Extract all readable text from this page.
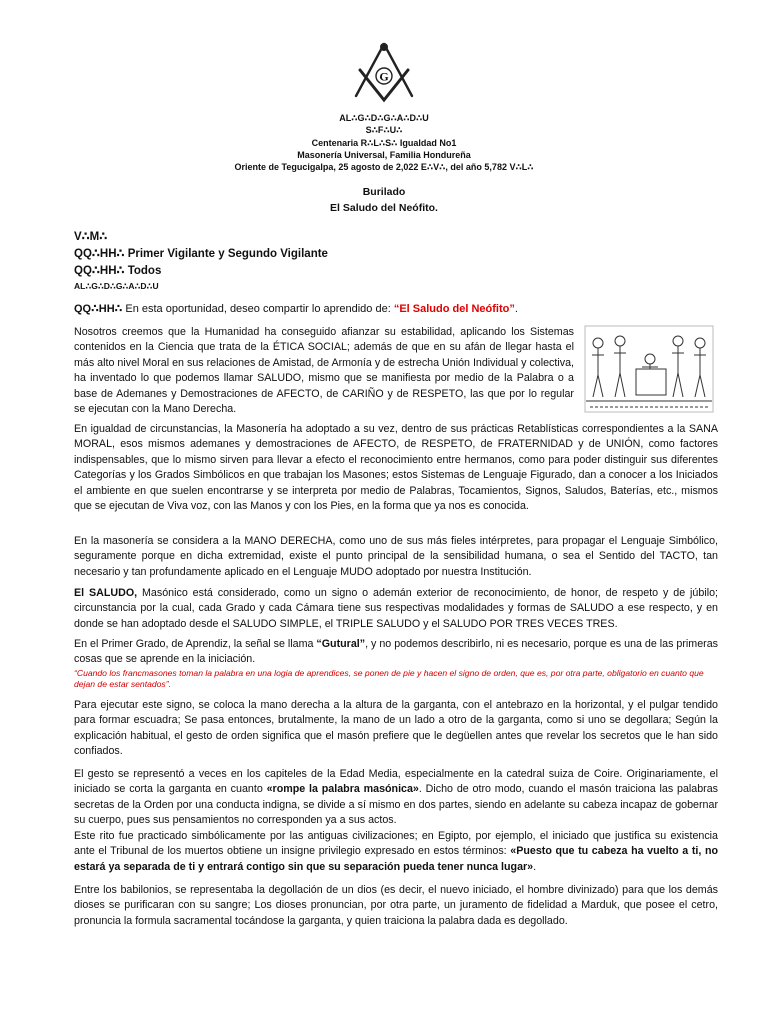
G
AL∴G∴D∴G∴A∴D∴U
S∴F∴U∴
Centenaria R∴L∴S∴ Igualdad No1
Masonería Universal, Familia Hondureña
Oriente de Tegucigalpa, 25 agosto de 2,022 E∴V∴, del año 5,782 V∴L∴
Burilado
El Saludo del Neófito.
V∴M∴
QQ∴HH∴ Primer Vigilante y Segundo Vigilante
QQ∴HH∴ Todos
AL∴G∴D∴G∴A∴D∴U
QQ∴HH∴ En esta oportunidad, deseo compartir lo aprendido de: “El Saludo del Neófito”.
Nosotros creemos que la Humanidad ha conseguido afianzar su estabilidad, aplicando los Sistemas contenidos en la Ciencia que trata de la ÉTICA SOCIAL; además de que en su afán de llegar hasta el más alto nivel Moral en sus relaciones de Amistad, de Armonía y de estrecha Unión Individual y colectiva, ha inventado lo que podemos llamar SALUDO, mismo que se manifiesta por medio de la Palabra o a base de Ademanes y Demostraciones de AFECTO, de CARIÑO y de RESPETO, las que por lo regular se ejecutan con la Mano Derecha.
En igualdad de circunstancias, la Masonería ha adoptado a su vez, dentro de sus prácticas Retablísticas correspondientes a la SANA MORAL, esos mismos ademanes y demostraciones de AFECTO, de RESPETO, de FRATERNIDAD y de UNIÓN, como factores indispensables, que lo mismo sirven para llevar a efecto el reconocimiento entre hermanos, como para poder distinguir sus diferentes Categorías y los Grados Simbólicos en que trabajan los Masones; estos Sistemas de Lenguaje Figurado, dan a conocer a los Iniciados el ambiente en que suelen encontrarse y se interpreta por medio de Palabras, Tocamientos, Signos, Saludos, Baterías, etc., mismos que se ejecutan de Viva voz, con las Manos y con los Pies, en la forma que ya nos es conocida.
En la masonería se considera a la MANO DERECHA, como uno de sus más fieles intérpretes, para propagar el Lenguaje Simbólico, seguramente porque en dicha extremidad, existe el punto principal de la sensibilidad humana, o sea el Sentido del TACTO, tan necesario y tan profundamente aplicado en el Lenguaje MUDO adoptado por nuestra Institución.
El SALUDO, Masónico está considerado, como un signo o ademán exterior de reconocimiento, de honor, de respeto y de júbilo; circunstancia por la cual, cada Grado y cada Cámara tiene sus respectivas modalidades y formas de SALUDO a ese respecto, y en donde se han adoptado desde el SALUDO SIMPLE, el TRIPLE SALUDO y el SALUDO POR TRES VECES TRES.
En el Primer Grado, de Aprendiz, la señal se llama “Gutural”, y no podemos describirlo, ni es necesario, porque es una de las primeras cosas que se aprende en la iniciación.
“Cuando los francmasones toman la palabra en una logia de aprendices, se ponen de pie y hacen el signo de orden, que es, por otra parte, obligatorio en cuanto que dejan de estar sentados”.
Para ejecutar este signo, se coloca la mano derecha a la altura de la garganta, con el antebrazo en la horizontal, y el pulgar tendido para formar escuadra; Se pasa entonces, brutalmente, la mano de un lado a otro de la garganta, como si uno se degollara; Según la explicación habitual, el gesto de orden significa que el masón prefiere que le degüellen antes que revelar los secretos que le han sido confiados.
El gesto se representó a veces en los capiteles de la Edad Media, especialmente en la catedral suiza de Coire. Originariamente, el iniciado se corta la garganta en cuanto «rompe la palabra masónica». Dicho de otro modo, cuando el masón traiciona las palabras secretas de la Orden por una conducta indigna, se divide a sí mismo en dos partes, siendo en adelante su cabeza incapaz de gobernar su cuerpo, pues sus pensamientos no corresponden ya a sus actos.
Este rito fue practicado simbólicamente por las antiguas civilizaciones; en Egipto, por ejemplo, el iniciado que justifica su existencia ante el Tribunal de los muertos obtiene un insigne privilegio expresado en estos términos: «Puesto que tu cabeza ha vuelto a ti, no estará ya separada de ti y entrará contigo sin que su separación pueda tener nunca lugar».
Entre los babilonios, se representaba la degollación de un dios (es decir, el nuevo iniciado, el hombre divinizado) para que los demás dioses se purificaran con su sangre; Los dioses pronuncian, por otra parte, un juramento de fidelidad a Marduk, que posee el cetro, pronuncia la formula sacramental tocándose la garganta, y quien traiciona la palabra dada es degollado.
